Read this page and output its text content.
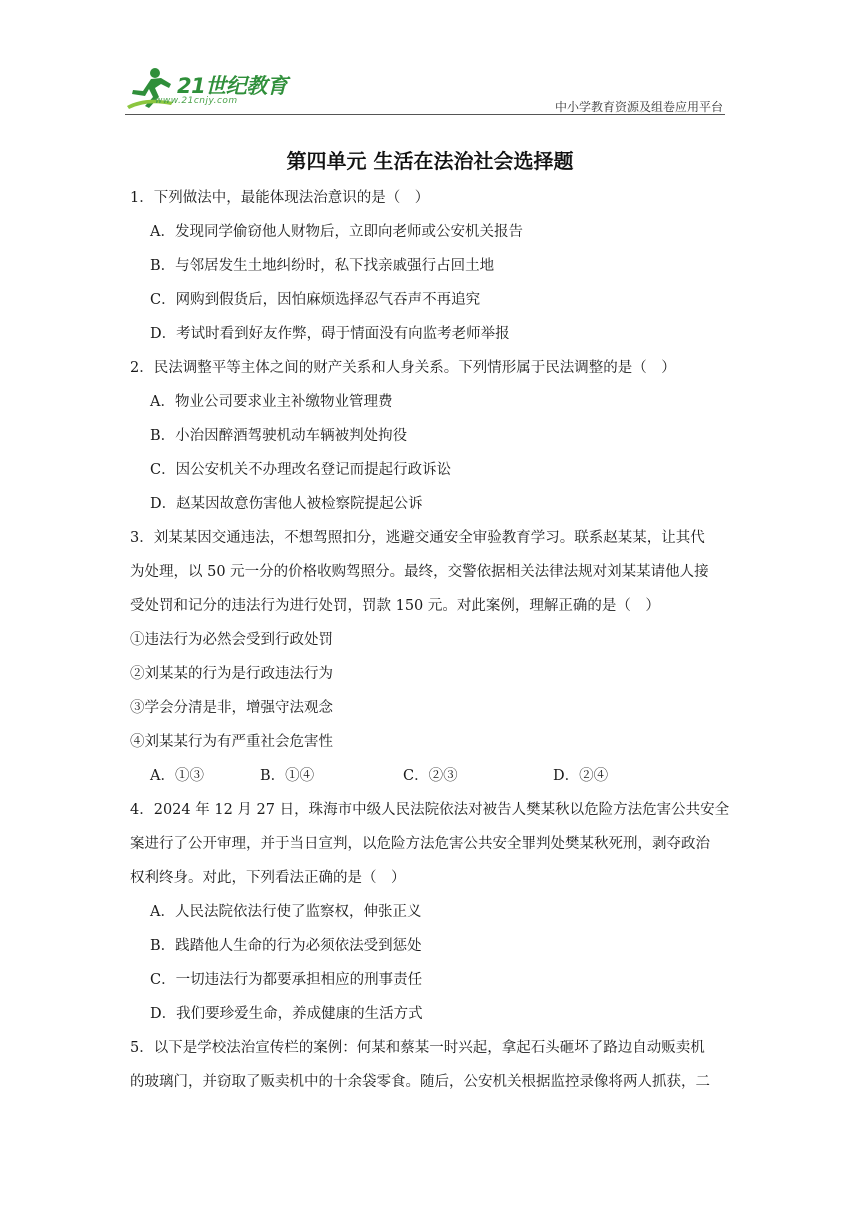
21世纪教育
www.21cnjy.com	中小学教育资源及组卷应用平台
第四单元 生活在法治社会选择题
1．下列做法中，最能体现法治意识的是（　）
A．发现同学偷窃他人财物后，立即向老师或公安机关报告
B．与邻居发生土地纠纷时，私下找亲戚强行占回土地
C．网购到假货后，因怕麻烦选择忍气吞声不再追究
D．考试时看到好友作弊，碍于情面没有向监考老师举报
2．民法调整平等主体之间的财产关系和人身关系。下列情形属于民法调整的是（　）
A．物业公司要求业主补缴物业管理费
B．小治因醉酒驾驶机动车辆被判处拘役
C．因公安机关不办理改名登记而提起行政诉讼
D．赵某因故意伤害他人被检察院提起公诉
3．刘某某因交通违法，不想驾照扣分，逃避交通安全审验教育学习。联系赵某某，让其代
为处理，以 50 元一分的价格收购驾照分。最终，交警依据相关法律法规对刘某某请他人接
受处罚和记分的违法行为进行处罚，罚款 150 元。对此案例，理解正确的是（　）
①违法行为必然会受到行政处罚
②刘某某的行为是行政违法行为
③学会分清是非，增强守法观念
④刘某某行为有严重社会危害性
A．①③	B．①④	C．②③	D．②④
4．2024 年 12 月 27 日，珠海市中级人民法院依法对被告人樊某秋以危险方法危害公共安全
案进行了公开审理，并于当日宣判，以危险方法危害公共安全罪判处樊某秋死刑，剥夺政治
权利终身。对此，下列看法正确的是（　）
A．人民法院依法行使了监察权，伸张正义
B．践踏他人生命的行为必须依法受到惩处
C．一切违法行为都要承担相应的刑事责任
D．我们要珍爱生命，养成健康的生活方式
5．以下是学校法治宣传栏的案例：何某和蔡某一时兴起，拿起石头砸坏了路边自动贩卖机
的玻璃门，并窃取了贩卖机中的十余袋零食。随后，公安机关根据监控录像将两人抓获，二
